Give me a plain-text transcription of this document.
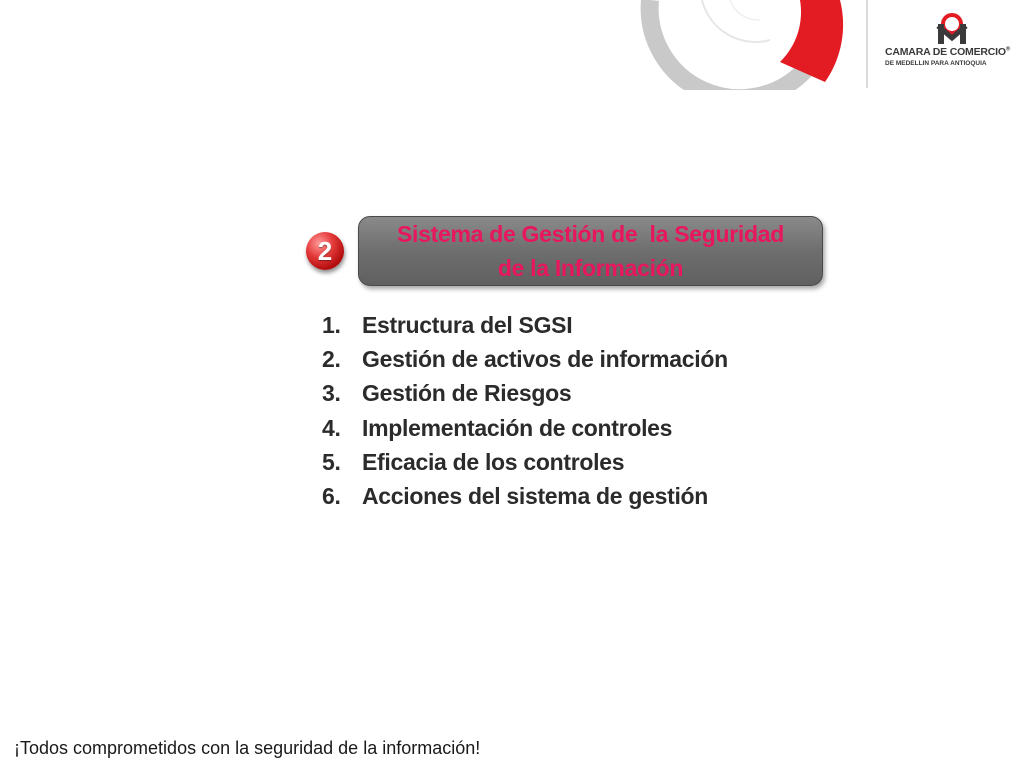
CAMARA DE COMERCIO®
DE MEDELLIN PARA ANTIOQUIA
2
Sistema de Gestión de  la Seguridad
de la Información
1. Estructura del SGSI
2. Gestión de activos de información
3. Gestión de Riesgos
4. Implementación de controles
5. Eficacia de los controles
6. Acciones del sistema de gestión
¡Todos comprometidos con la seguridad de la información!
